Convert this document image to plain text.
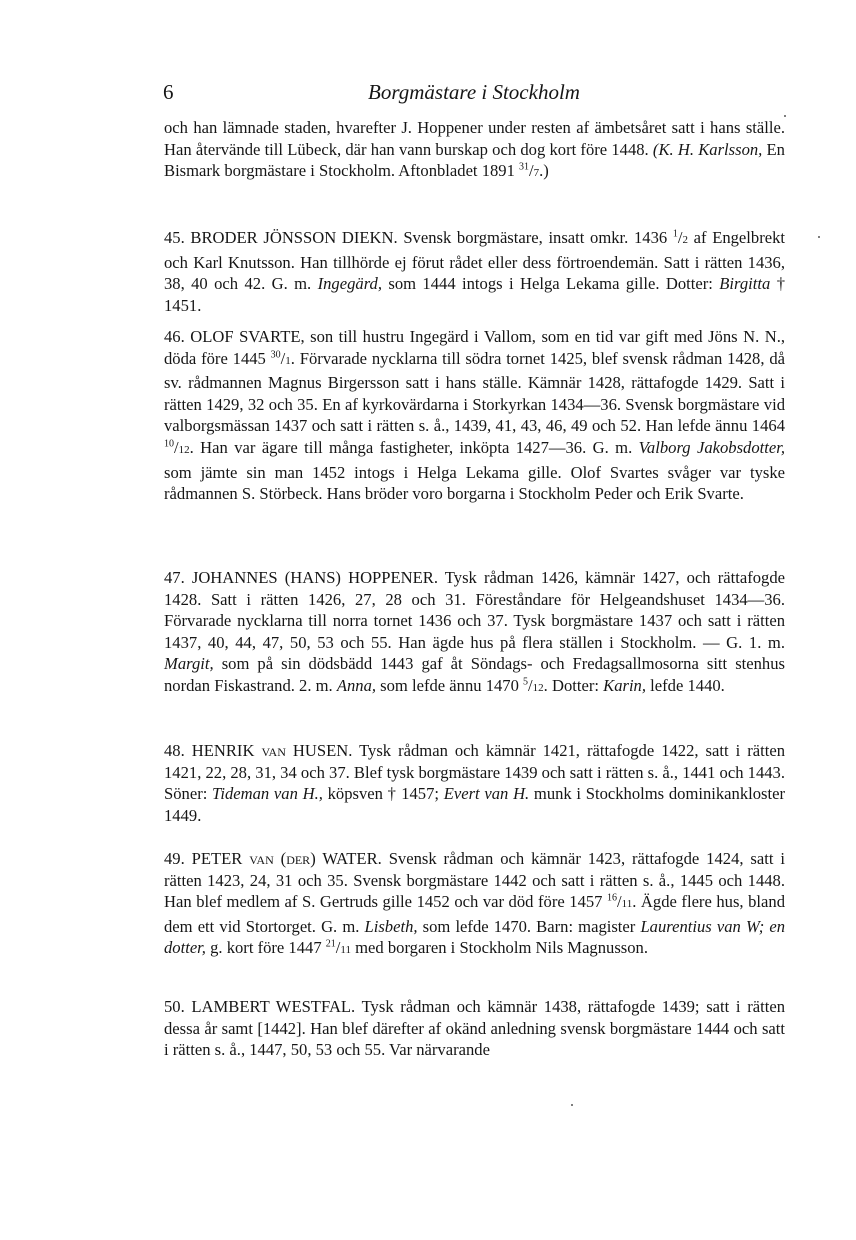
6	Borgmästare i Stockholm

och han lämnade staden, hvarefter J. Hoppener under resten af ämbetsåret satt i hans ställe. Han återvände till Lübeck, där han vann burskap och dog kort före 1448. (K. H. Karlsson, En Bismark borgmästare i Stockholm. Aftonbladet 1891 $^{31}$/7.)

45. BRODER JÖNSSON DIEKN. Svensk borgmästare, insatt omkr. 1436 $^1$/2 af Engelbrekt och Karl Knutsson. Han tillhörde ej förut rådet eller dess förtroendemän. Satt i rätten 1436, 38, 40 och 42. G. m. Ingegärd, som 1444 intogs i Helga Lekama gille. Dotter: Birgitta † 1451.

46. OLOF SVARTE, son till hustru Ingegärd i Vallom, som en tid var gift med Jöns N. N., döda före 1445 $^{30}$/1. Förvarade nycklarna till södra tornet 1425, blef svensk rådman 1428, då sv. rådmannen Magnus Birgersson satt i hans ställe. Kämnär 1428, rättafogde 1429. Satt i rätten 1429, 32 och 35. En af kyrkovärdarna i Storkyrkan 1434—36. Svensk borgmästare vid valborgsmässan 1437 och satt i rätten s. å., 1439, 41, 43, 46, 49 och 52. Han lefde ännu 1464 $^{10}$/12. Han var ägare till många fastigheter, inköpta 1427—36. G. m. Valborg Jakobsdotter, som jämte sin man 1452 intogs i Helga Lekama gille. Olof Svartes svåger var tyske rådmannen S. Störbeck. Hans bröder voro borgarna i Stockholm Peder och Erik Svarte.

47. JOHANNES (HANS) HOPPENER. Tysk rådman 1426, kämnär 1427, och rättafogde 1428. Satt i rätten 1426, 27, 28 och 31. Föreståndare för Helgeandshuset 1434—36. Förvarade nycklarna till norra tornet 1436 och 37. Tysk borgmästare 1437 och satt i rätten 1437, 40, 44, 47, 50, 53 och 55. Han ägde hus på flera ställen i Stockholm. — G. 1. m. Margit, som på sin dödsbädd 1443 gaf åt Söndags- och Fredagsallmosorna sitt stenhus nordan Fiskastrand. 2. m. Anna, som lefde ännu 1470 $^5$/12. Dotter: Karin, lefde 1440.

48. HENRIK van HUSEN. Tysk rådman och kämnär 1421, rättafogde 1422, satt i rätten 1421, 22, 28, 31, 34 och 37. Blef tysk borgmästare 1439 och satt i rätten s. å., 1441 och 1443. Söner: Tideman van H., köpsven † 1457; Evert van H. munk i Stockholms dominikankloster 1449.

49. PETER van (der) WATER. Svensk rådman och kämnär 1423, rättafogde 1424, satt i rätten 1423, 24, 31 och 35. Svensk borgmästare 1442 och satt i rätten s. å., 1445 och 1448. Han blef medlem af S. Gertruds gille 1452 och var död före 1457 $^{16}$/11. Ägde flere hus, bland dem ett vid Stortorget. G. m. Lisbeth, som lefde 1470. Barn: magister Laurentius van W; en dotter, g. kort före 1447 $^{21}$/11 med borgaren i Stockholm Nils Magnusson.

50. LAMBERT WESTFAL. Tysk rådman och kämnär 1438, rättafogde 1439; satt i rätten dessa år samt [1442]. Han blef därefter af okänd anledning svensk borgmästare 1444 och satt i rätten s. å., 1447, 50, 53 och 55. Var närvarande
